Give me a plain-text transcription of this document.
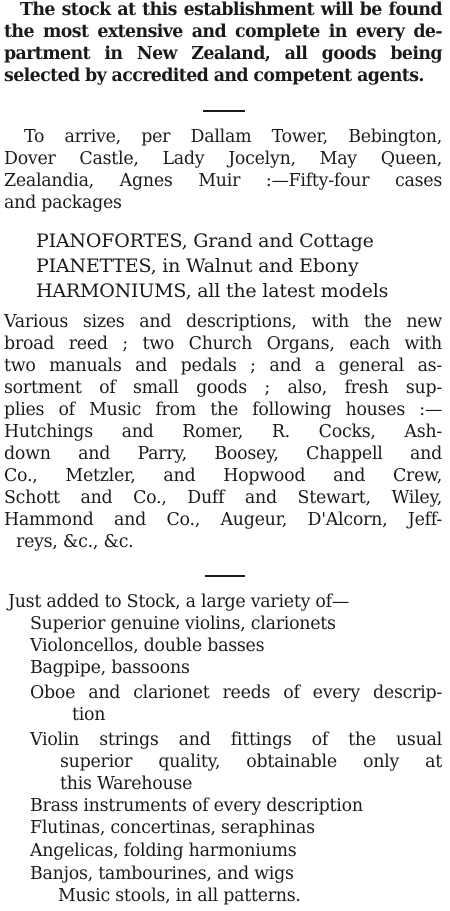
The stock at this establishment will be found
the most extensive and complete in every de-
partment in New Zealand, all goods being
selected by accredited and competent agents.
To arrive, per Dallam Tower, Bebington,
Dover Castle, Lady Jocelyn, May Queen,
Zealandia, Agnes Muir :—Fifty-four cases
and packages
PIANOFORTES, Grand and Cottage
PIANETTES, in Walnut and Ebony
HARMONIUMS, all the latest models
Various sizes and descriptions, with the new
broad reed ; two Church Organs, each with
two manuals and pedals ; and a general as-
sortment of small goods ; also, fresh sup-
plies of Music from the following houses :—
Hutchings and Romer, R. Cocks, Ash-
down and Parry, Boosey, Chappell and
Co., Metzler, and Hopwood and Crew,
Schott and Co., Duff and Stewart, Wiley,
Hammond and Co., Augeur, D'Alcorn, Jeff-
reys, &c., &c.
Just added to Stock, a large variety of—
Superior genuine violins, clarionets
Violoncellos, double basses
Bagpipe, bassoons
Oboe and clarionet reeds of every descrip-
tion
Violin strings and fittings of the usual
superior quality, obtainable only at
this Warehouse
Brass instruments of every description
Flutinas, concertinas, seraphinas
Angelicas, folding harmoniums
Banjos, tambourines, and wigs
Music stools, in all patterns.
